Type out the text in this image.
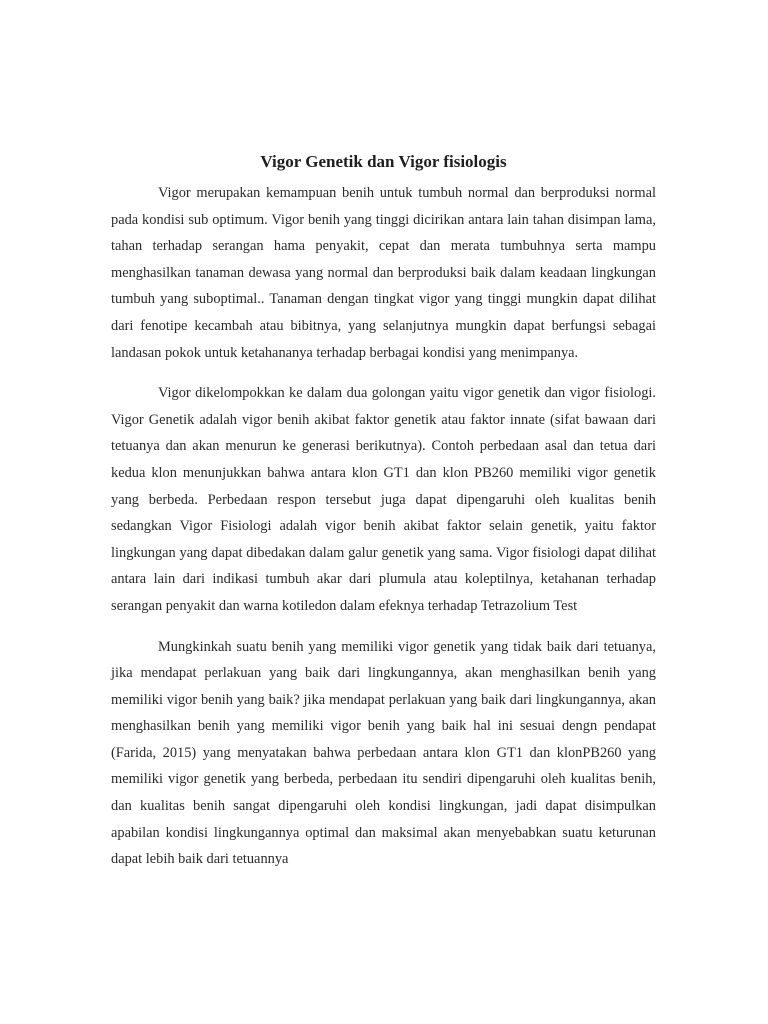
Vigor Genetik dan Vigor fisiologis

Vigor merupakan kemampuan benih untuk tumbuh normal dan berproduksi normal pada kondisi sub optimum. Vigor benih yang tinggi dicirikan antara lain tahan disimpan lama, tahan terhadap serangan hama penyakit, cepat dan merata tumbuhnya serta mampu menghasilkan tanaman dewasa yang normal dan berproduksi baik dalam keadaan lingkungan tumbuh yang suboptimal.. Tanaman dengan tingkat vigor yang tinggi mungkin dapat dilihat dari fenotipe kecambah atau bibitnya, yang selanjutnya mungkin dapat berfungsi sebagai landasan pokok untuk ketahananya terhadap berbagai kondisi yang menimpanya.

Vigor dikelompokkan ke dalam dua golongan yaitu vigor genetik dan vigor fisiologi. Vigor Genetik adalah vigor benih akibat faktor genetik atau faktor innate (sifat bawaan dari tetuanya dan akan menurun ke generasi berikutnya). Contoh perbedaan asal dan tetua dari kedua klon menunjukkan bahwa antara klon GT1 dan klon PB260 memiliki vigor genetik yang berbeda. Perbedaan respon tersebut juga dapat dipengaruhi oleh kualitas benih sedangkan Vigor Fisiologi adalah vigor benih akibat faktor selain genetik, yaitu faktor lingkungan yang dapat dibedakan dalam galur genetik yang sama. Vigor fisiologi dapat dilihat antara lain dari indikasi tumbuh akar dari plumula atau koleptilnya, ketahanan terhadap serangan penyakit dan warna kotiledon dalam efeknya terhadap Tetrazolium Test

Mungkinkah suatu benih yang memiliki vigor genetik yang tidak baik dari tetuanya, jika mendapat perlakuan yang baik dari lingkungannya, akan menghasilkan benih yang memiliki vigor benih yang baik? jika mendapat perlakuan yang baik dari lingkungannya, akan menghasilkan benih yang memiliki vigor benih yang baik hal ini sesuai dengn pendapat (Farida, 2015) yang menyatakan bahwa perbedaan antara klon GT1 dan klonPB260 yang memiliki vigor genetik yang berbeda, perbedaan itu sendiri dipengaruhi oleh kualitas benih, dan kualitas benih sangat dipengaruhi oleh kondisi lingkungan, jadi dapat disimpulkan apabilan kondisi lingkungannya optimal dan maksimal akan menyebabkan suatu keturunan dapat lebih baik dari tetuannya
